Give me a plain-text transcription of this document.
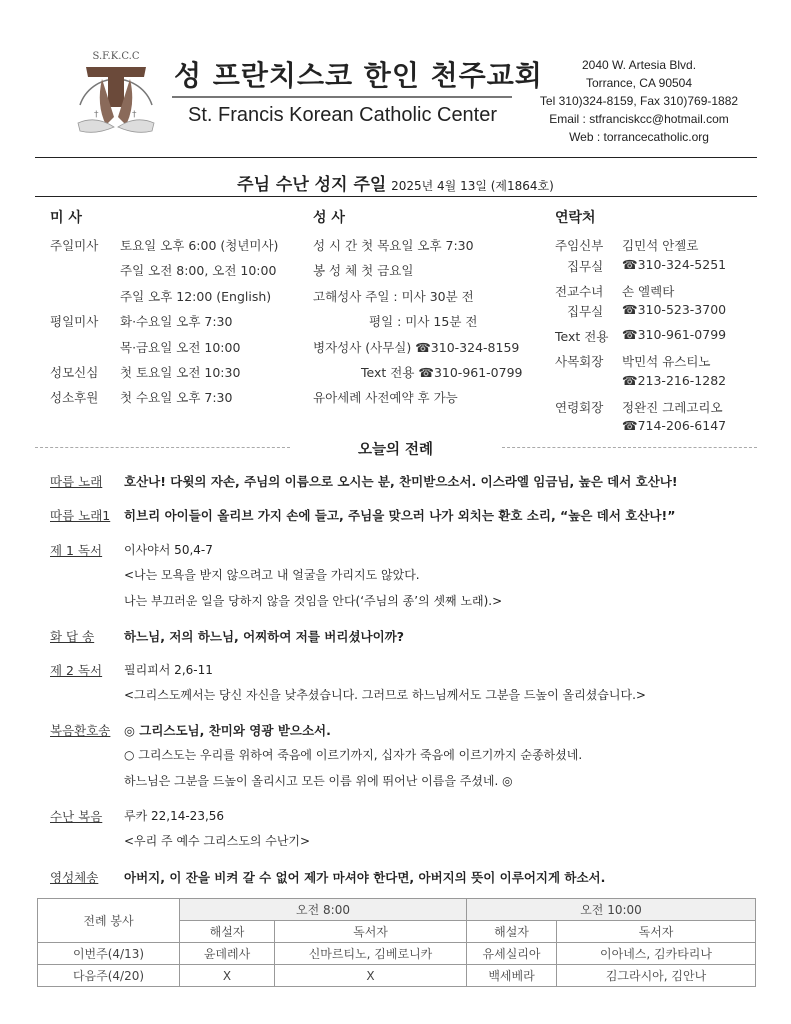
S.F.K.C.C
†	†
성 프란치스코 한인 천주교회
St. Francis Korean Catholic Center
2040 W. Artesia Blvd.
Torrance, CA 90504
Tel 310)324-8159, Fax 310)769-1882
Email : stfranciskcc@hotmail.com
Web : torrancecatholic.org
주님 수난 성지 주일 2025년 4월 13일 (제1864호)
미 사
주일미사 토요일 오후 6:00 (청년미사)
주일 오전 8:00, 오전 10:00
주일 오후 12:00 (English)
평일미사 화·수요일 오후 7:30
목·금요일 오전 10:00
성모신심 첫 토요일 오전 10:30
성소후원 첫 수요일 오후 7:30
성 사
성 시 간 첫 목요일 오후 7:30
봉 성 체 첫 금요일
고해성사 주일 : 미사 30분 전
평일 : 미사 15분 전
병자성사 (사무실) ☎310-324-8159
Text 전용 ☎310-961-0799
유아세례 사전예약 후 가능
연락처
주임신부 김민석 안젤로
집무실 ☎310-324-5251
전교수녀 손 엘렉타
집무실 ☎310-523-3700
Text 전용 ☎310-961-0799
사목회장 박민석 유스티노
☎213-216-1282
연령회장 정완진 그레고리오
☎714-206-6147
오늘의 전례
따름 노래 호산나! 다윗의 자손, 주님의 이름으로 오시는 분, 찬미받으소서. 이스라엘 임금님, 높은 데서 호산나!
따름 노래1 히브리 아이들이 올리브 가지 손에 들고, 주님을 맞으러 나가 외치는 환호 소리, “높은 데서 호산나!”
제 1 독서 이사야서 50,4-7
<나는 모욕을 받지 않으려고 내 얼굴을 가리지도 않았다.
나는 부끄러운 일을 당하지 않을 것임을 안다(‘주님의 종’의 셋째 노래).>
화 답 송 하느님, 저의 하느님, 어찌하여 저를 버리셨나이까?
제 2 독서 필리피서 2,6-11
<그리스도께서는 당신 자신을 낮추셨습니다. 그러므로 하느님께서도 그분을 드높이 올리셨습니다.>
복음환호송 ◎ 그리스도님, 찬미와 영광 받으소서.
○ 그리스도는 우리를 위하여 죽음에 이르기까지, 십자가 죽음에 이르기까지 순종하셨네.
하느님은 그분을 드높이 올리시고 모든 이름 위에 뛰어난 이름을 주셨네. ◎
수난 복음 루카 22,14-23,56
<우리 주 예수 그리스도의 수난기>
영성체송 아버지, 이 잔을 비켜 갈 수 없어 제가 마셔야 한다면, 아버지의 뜻이 이루어지게 하소서.
전례 봉사	오전 8:00		오전 10:00	
	해설자	독서자	해설자	독서자
이번주(4/13)	윤데레사	신마르티노, 김베로니카	유세실리아	이아네스, 김카타리나
다음주(4/20)	X	X	백세베라	김그라시아, 김안나
